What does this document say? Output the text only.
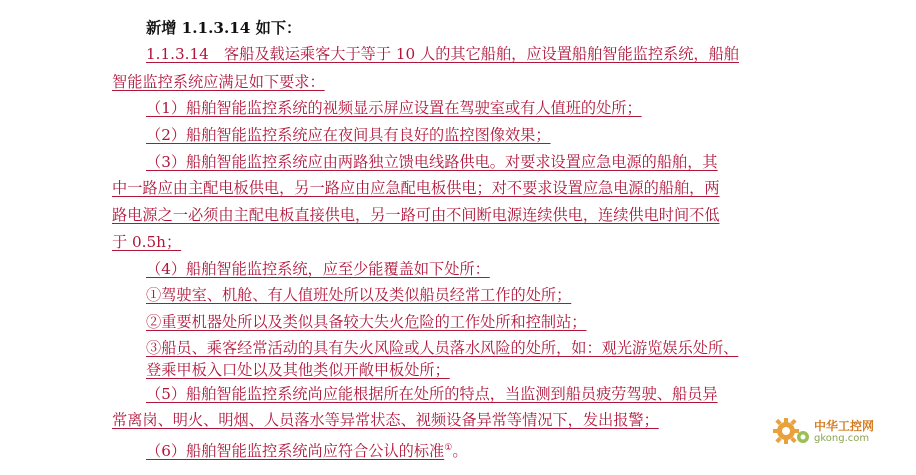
新增 1.1.3.14 如下：
1.1.3.14　客船及载运乘客大于等于 10 人的其它船舶，应设置船舶智能监控系统，船舶
智能监控系统应满足如下要求：
（1）船舶智能监控系统的视频显示屏应设置在驾驶室或有人值班的处所；
（2）船舶智能监控系统应在夜间具有良好的监控图像效果；
（3）船舶智能监控系统应由两路独立馈电线路供电。对要求设置应急电源的船舶，其
中一路应由主配电板供电，另一路应由应急配电板供电；对不要求设置应急电源的船舶，两
路电源之一必须由主配电板直接供电，另一路可由不间断电源连续供电，连续供电时间不低
于 0.5h；
（4）船舶智能监控系统，应至少能覆盖如下处所：
①驾驶室、机舱、有人值班处所以及类似船员经常工作的处所；
②重要机器处所以及类似具备较大失火危险的工作处所和控制站；
③船员、乘客经常活动的具有失火风险或人员落水风险的处所，如：观光游览娱乐处所、
登乘甲板入口处以及其他类似开敞甲板处所；
（5）船舶智能监控系统尚应能根据所在处所的特点，当监测到船员疲劳驾驶、船员异
常离岗、明火、明烟、人员落水等异常状态、视频设备异常等情况下，发出报警；
（6）船舶智能监控系统尚应符合公认的标准①。
中华工控网
gkong.com
